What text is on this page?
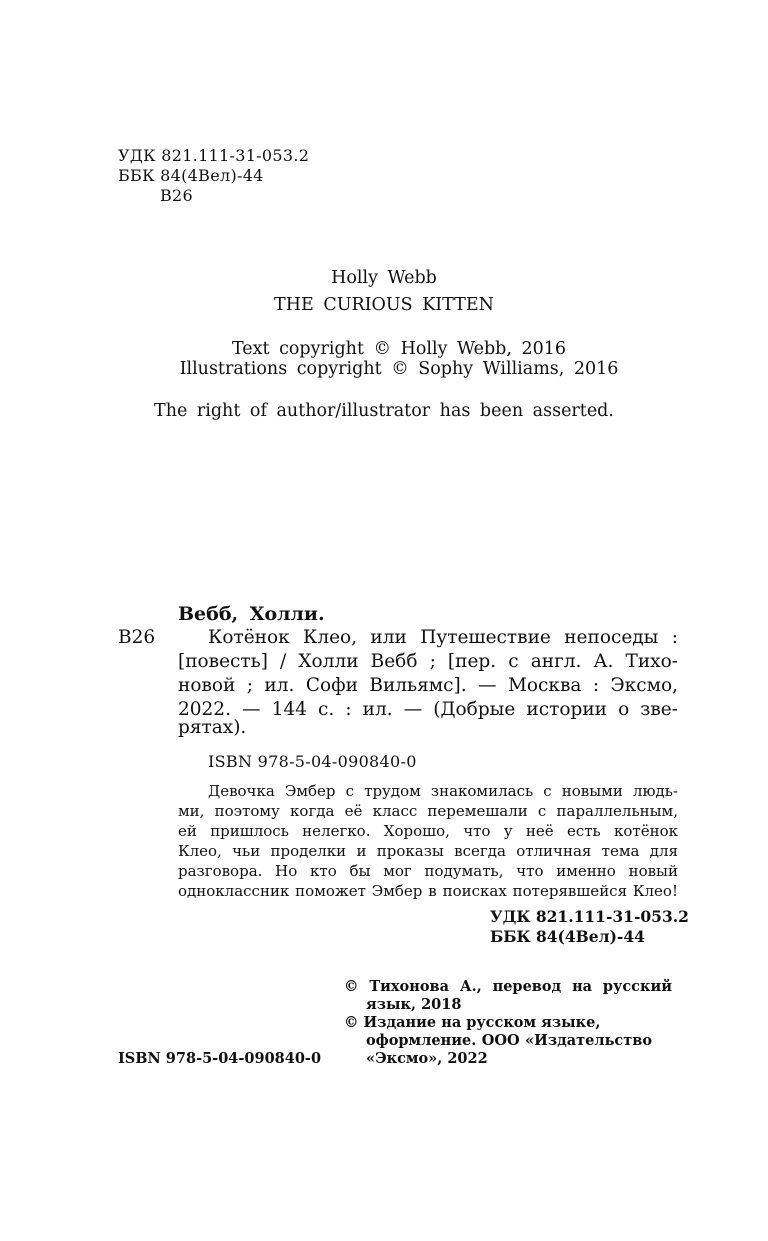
УДК 821.111-31-053.2
ББК 84(4Вел)-44
В26
Holly Webb
THE CURIOUS KITTEN
Text copyright © Holly Webb, 2016
Illustrations copyright © Sophy Williams, 2016
The right of author/illustrator has been asserted.
Вебб, Холли.
В26	Котёнок Клео, или Путешествие непоседы :
[повесть] / Холли Вебб ; [пер. с англ. А. Тихо-
новой ; ил. Софи Вильямс]. — Москва : Эксмо,
2022. — 144 с. : ил. — (Добрые истории о зве-
рятах).
ISBN 978-5-04-090840-0
Девочка Эмбер с трудом знакомилась с новыми людь-
ми, поэтому когда её класс перемешали с параллельным,
ей пришлось нелегко. Хорошо, что у неё есть котёнок
Клео, чьи проделки и проказы всегда отличная тема для
разговора. Но кто бы мог подумать, что именно новый
одноклассник поможет Эмбер в поисках потерявшейся Клео!
УДК 821.111-31-053.2
ББК 84(4Вел)-44
© Тихонова А., перевод на русский
язык, 2018
© Издание на русском языке,
оформление. ООО «Издательство
«Эксмо», 2022
ISBN 978-5-04-090840-0
